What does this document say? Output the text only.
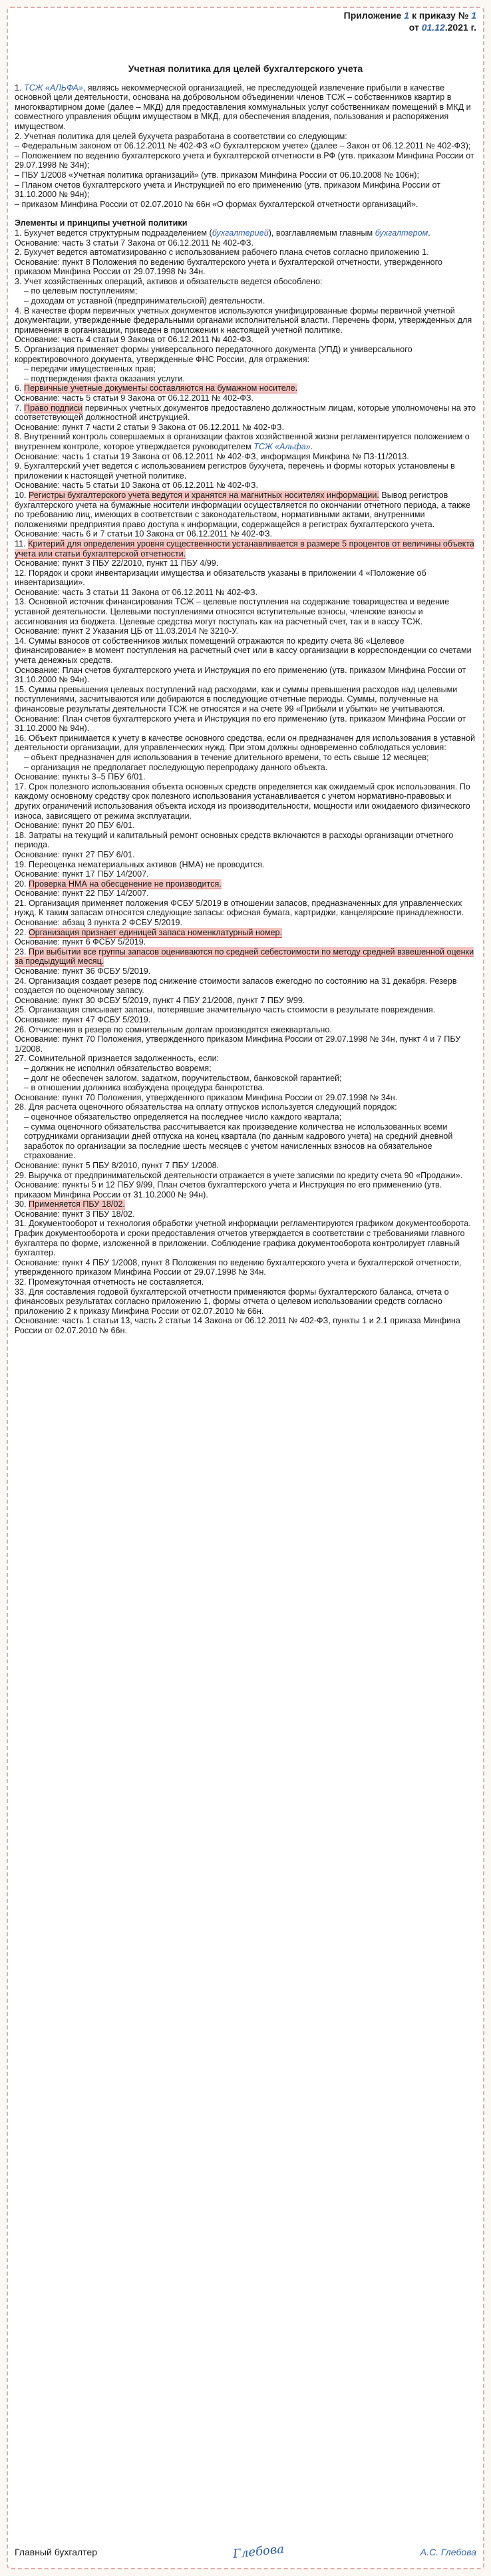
Приложение 1 к приказу № 1
от 01.12.2021 г.
Учетная политика для целей бухгалтерского учета

1. ТСЖ «АЛЬФА», являясь некоммерческой организацией, не преследующей извлечение прибыли в качестве основной цели деятельности, основана на добровольном объединении членов ТСЖ – собственников квартир в многоквартирном доме (далее – МКД) для предоставления коммунальных услуг собственникам помещений в МКД и совместного управления общим имуществом в МКД, для обеспечения владения, пользования и распоряжения имуществом.

2. Учетная политика для целей бухучета разработана в соответствии со следующим:

– Федеральным законом от 06.12.2011 № 402-ФЗ «О бухгалтерском учете» (далее – Закон от 06.12.2011 № 402-ФЗ);

– Положением по ведению бухгалтерского учета и бухгалтерской отчетности в РФ (утв. приказом Минфина России от 29.07.1998 № 34н);

– ПБУ 1/2008 «Учетная политика организаций» (утв. приказом Минфина России от 06.10.2008 № 106н);

– Планом счетов бухгалтерского учета и Инструкцией по его применению (утв. приказом Минфина России от 31.10.2000 № 94н);

– приказом Минфина России от 02.07.2010 № 66н «О формах бухгалтерской отчетности организаций».

Элементы и принципы учетной политики

1. Бухучет ведется структурным подразделением (бухгалтерией), возглавляемым главным бухгалтером.

Основание: часть 3 статьи 7 Закона от 06.12.2011 № 402-ФЗ.

2. Бухучет ведется автоматизированно с использованием рабочего плана счетов согласно приложению 1.

Основание: пункт 8 Положения по ведению бухгалтерского учета и бухгалтерской отчетности, утвержденного приказом Минфина России от 29.07.1998 № 34н.

3. Учет хозяйственных операций, активов и обязательств ведется обособлено:

– по целевым поступлениям;

– доходам от уставной (предпринимательской) деятельности.

4. В качестве форм первичных учетных документов используются унифицированные формы первичной учетной документации, утвержденные федеральными органами исполнительной власти. Перечень форм, утвержденных для применения в организации, приведен в приложении к настоящей учетной политике.

Основание: часть 4 статьи 9 Закона от 06.12.2011 № 402-ФЗ.

5. Организация применяет формы универсального передаточного документа (УПД) и универсального корректировочного документа, утвержденные ФНС России, для отражения:

– передачи имущественных прав;

– подтверждения факта оказания услуги.

6. Первичные учетные документы составляются на бумажном носителе.

Основание: часть 5 статьи 9 Закона от 06.12.2011 № 402-ФЗ.

7. Право подписи первичных учетных документов предоставлено должностным лицам, которые уполномочены на это соответствующей должностной инструкцией.

Основание: пункт 7 части 2 статьи 9 Закона от 06.12.2011 № 402-ФЗ.

8. Внутренний контроль совершаемых в организации фактов хозяйственной жизни регламентируется положением о внутреннем контроле, которое утверждается руководителем ТСЖ «Альфа».

Основание: часть 1 статьи 19 Закона от 06.12.2011 № 402-ФЗ, информация Минфина № П3-11/2013.

9. Бухгалтерский учет ведется с использованием регистров бухучета, перечень и формы которых установлены в приложении к настоящей учетной политике.

Основание: часть 5 статьи 10 Закона от 06.12.2011 № 402-ФЗ.

10. Регистры бухгалтерского учета ведутся и хранятся на магнитных носителях информации. Вывод регистров бухгалтерского учета на бумажные носители информации осуществляется по окончании отчетного периода, а также по требованию лиц, имеющих в соответствии с законодательством, нормативными актами, внутренними положениями предприятия право доступа к информации, содержащейся в регистрах бухгалтерского учета.

Основание: часть 6 и 7 статьи 10 Закона от 06.12.2011 № 402-ФЗ.

11. Критерий для определения уровня существенности устанавливается в размере 5 процентов от величины объекта учета или статьи бухгалтерской отчетности.

Основание: пункт 3 ПБУ 22/2010, пункт 11 ПБУ 4/99.

12. Порядок и сроки инвентаризации имущества и обязательств указаны в приложении 4 «Положение об инвентаризации».

Основание: часть 3 статьи 11 Закона от 06.12.2011 № 402-ФЗ.

13. Основной источник финансирования ТСЖ – целевые поступления на содержание товарищества и ведение уставной деятельности. Целевыми поступлениями относятся вступительные взносы, членские взносы и ассигнования из бюджета. Целевые средства могут поступать как на расчетный счет, так и в кассу ТСЖ.

Основание: пункт 2 Указания ЦБ от 11.03.2014 № 3210-У.

14. Суммы взносов от собственников жилых помещений отражаются по кредиту счета 86 «Целевое финансирование» в момент поступления на расчетный счет или в кассу организации в корреспонденции со счетами учета денежных средств.

Основание: План счетов бухгалтерского учета и Инструкция по его применению (утв. приказом Минфина России от 31.10.2000 № 94н).

15. Суммы превышения целевых поступлений над расходами, как и суммы превышения расходов над целевыми поступлениями, засчитываются или добираются в последующие отчетные периоды. Суммы, полученные на финансовые результаты деятельности ТСЖ не относятся и на счете 99 «Прибыли и убытки» не учитываются.

Основание: План счетов бухгалтерского учета и Инструкция по его применению (утв. приказом Минфина России от 31.10.2000 № 94н).

16. Объект принимается к учету в качестве основного средства, если он предназначен для использования в уставной деятельности организации, для управленческих нужд. При этом должны одновременно соблюдаться условия:

– объект предназначен для использования в течение длительного времени, то есть свыше 12 месяцев;

– организация не предполагает последующую перепродажу данного объекта.

Основание: пункты 3–5 ПБУ 6/01.

17. Срок полезного использования объекта основных средств определяется как ожидаемый срок использования. По каждому основному средству срок полезного использования устанавливается с учетом нормативно-правовых и других ограничений использования объекта исходя из производительности, мощности или ожидаемого физического износа, зависящего от режима эксплуатации.

Основание: пункт 20 ПБУ 6/01.

18. Затраты на текущий и капитальный ремонт основных средств включаются в расходы организации отчетного периода.

Основание: пункт 27 ПБУ 6/01.

19. Переоценка нематериальных активов (НМА) не проводится.

Основание: пункт 17 ПБУ 14/2007.

20. Проверка НМА на обесценение не производится.

Основание: пункт 22 ПБУ 14/2007.

21. Организация применяет положения ФСБУ 5/2019 в отношении запасов, предназначенных для управленческих нужд. К таким запасам относятся следующие запасы: офисная бумага, картриджи, канцелярские принадлежности.

Основание: абзац 3 пункта 2 ФСБУ 5/2019.

22. Организация признает единицей запаса номенклатурный номер.

Основание: пункт 6 ФСБУ 5/2019.

23. При выбытии все группы запасов оцениваются по средней себестоимости по методу средней взвешенной оценки за предыдущий месяц.

Основание: пункт 36 ФСБУ 5/2019.

24. Организация создает резерв под снижение стоимости запасов ежегодно по состоянию на 31 декабря. Резерв создается по оценочному запасу.

Основание: пункт 30 ФСБУ 5/2019, пункт 4 ПБУ 21/2008, пункт 7 ПБУ 9/99.

25. Организация списывает запасы, потерявшие значительную часть стоимости в результате повреждения.

Основание: пункт 47 ФСБУ 5/2019.

26. Отчисления в резерв по сомнительным долгам производятся ежеквартально.

Основание: пункт 70 Положения, утвержденного приказом Минфина России от 29.07.1998 № 34н, пункт 4 и 7 ПБУ 1/2008.

27. Сомнительной признается задолженность, если:

– должник не исполнил обязательство вовремя;

– долг не обеспечен залогом, задатком, поручительством, банковской гарантией;

– в отношении должника возбуждена процедура банкротства.

Основание: пункт 70 Положения, утвержденного приказом Минфина России от 29.07.1998 № 34н.

28. Для расчета оценочного обязательства на оплату отпусков используется следующий порядок:

– оценочное обязательство определяется на последнее число каждого квартала;

– сумма оценочного обязательства рассчитывается как произведение количества не использованных всеми сотрудниками организации дней отпуска на конец квартала (по данным кадрового учета) на средний дневной заработок по организации за последние шесть месяцев с учетом начисленных взносов на обязательное страхование.

Основание: пункт 5 ПБУ 8/2010, пункт 7 ПБУ 1/2008.

29. Выручка от предпринимательской деятельности отражается в учете записями по кредиту счета 90 «Продажи».

Основание: пункты 5 и 12 ПБУ 9/99, План счетов бухгалтерского учета и Инструкция по его применению (утв. приказом Минфина России от 31.10.2000 № 94н).

30. Применяется ПБУ 18/02.

Основание: пункт 3 ПБУ 18/02.

31. Документооборот и технология обработки учетной информации регламентируются графиком документооборота. График документооборота и сроки предоставления отчетов утверждается в соответствии с требованиями главного бухгалтера по форме, изложенной в приложении. Соблюдение графика документооборота контролирует главный бухгалтер.

Основание: пункт 4 ПБУ 1/2008, пункт 8 Положения по ведению бухгалтерского учета и бухгалтерской отчетности, утвержденного приказом Минфина России от 29.07.1998 № 34н.

32. Промежуточная отчетность не составляется.

33. Для составления годовой бухгалтерской отчетности применяются формы бухгалтерского баланса, отчета о финансовых результатах согласно приложению 1, формы отчета о целевом использовании средств согласно приложению 2 к приказу Минфина России от 02.07.2010 № 66н.

Основание: часть 1 статьи 13, часть 2 статьи 14 Закона от 06.12.2011 № 402-ФЗ, пункты 1 и 2.1 приказа Минфина России от 02.07.2010 № 66н.

Главный бухгалтер	Глебова	А.С. Глебова
